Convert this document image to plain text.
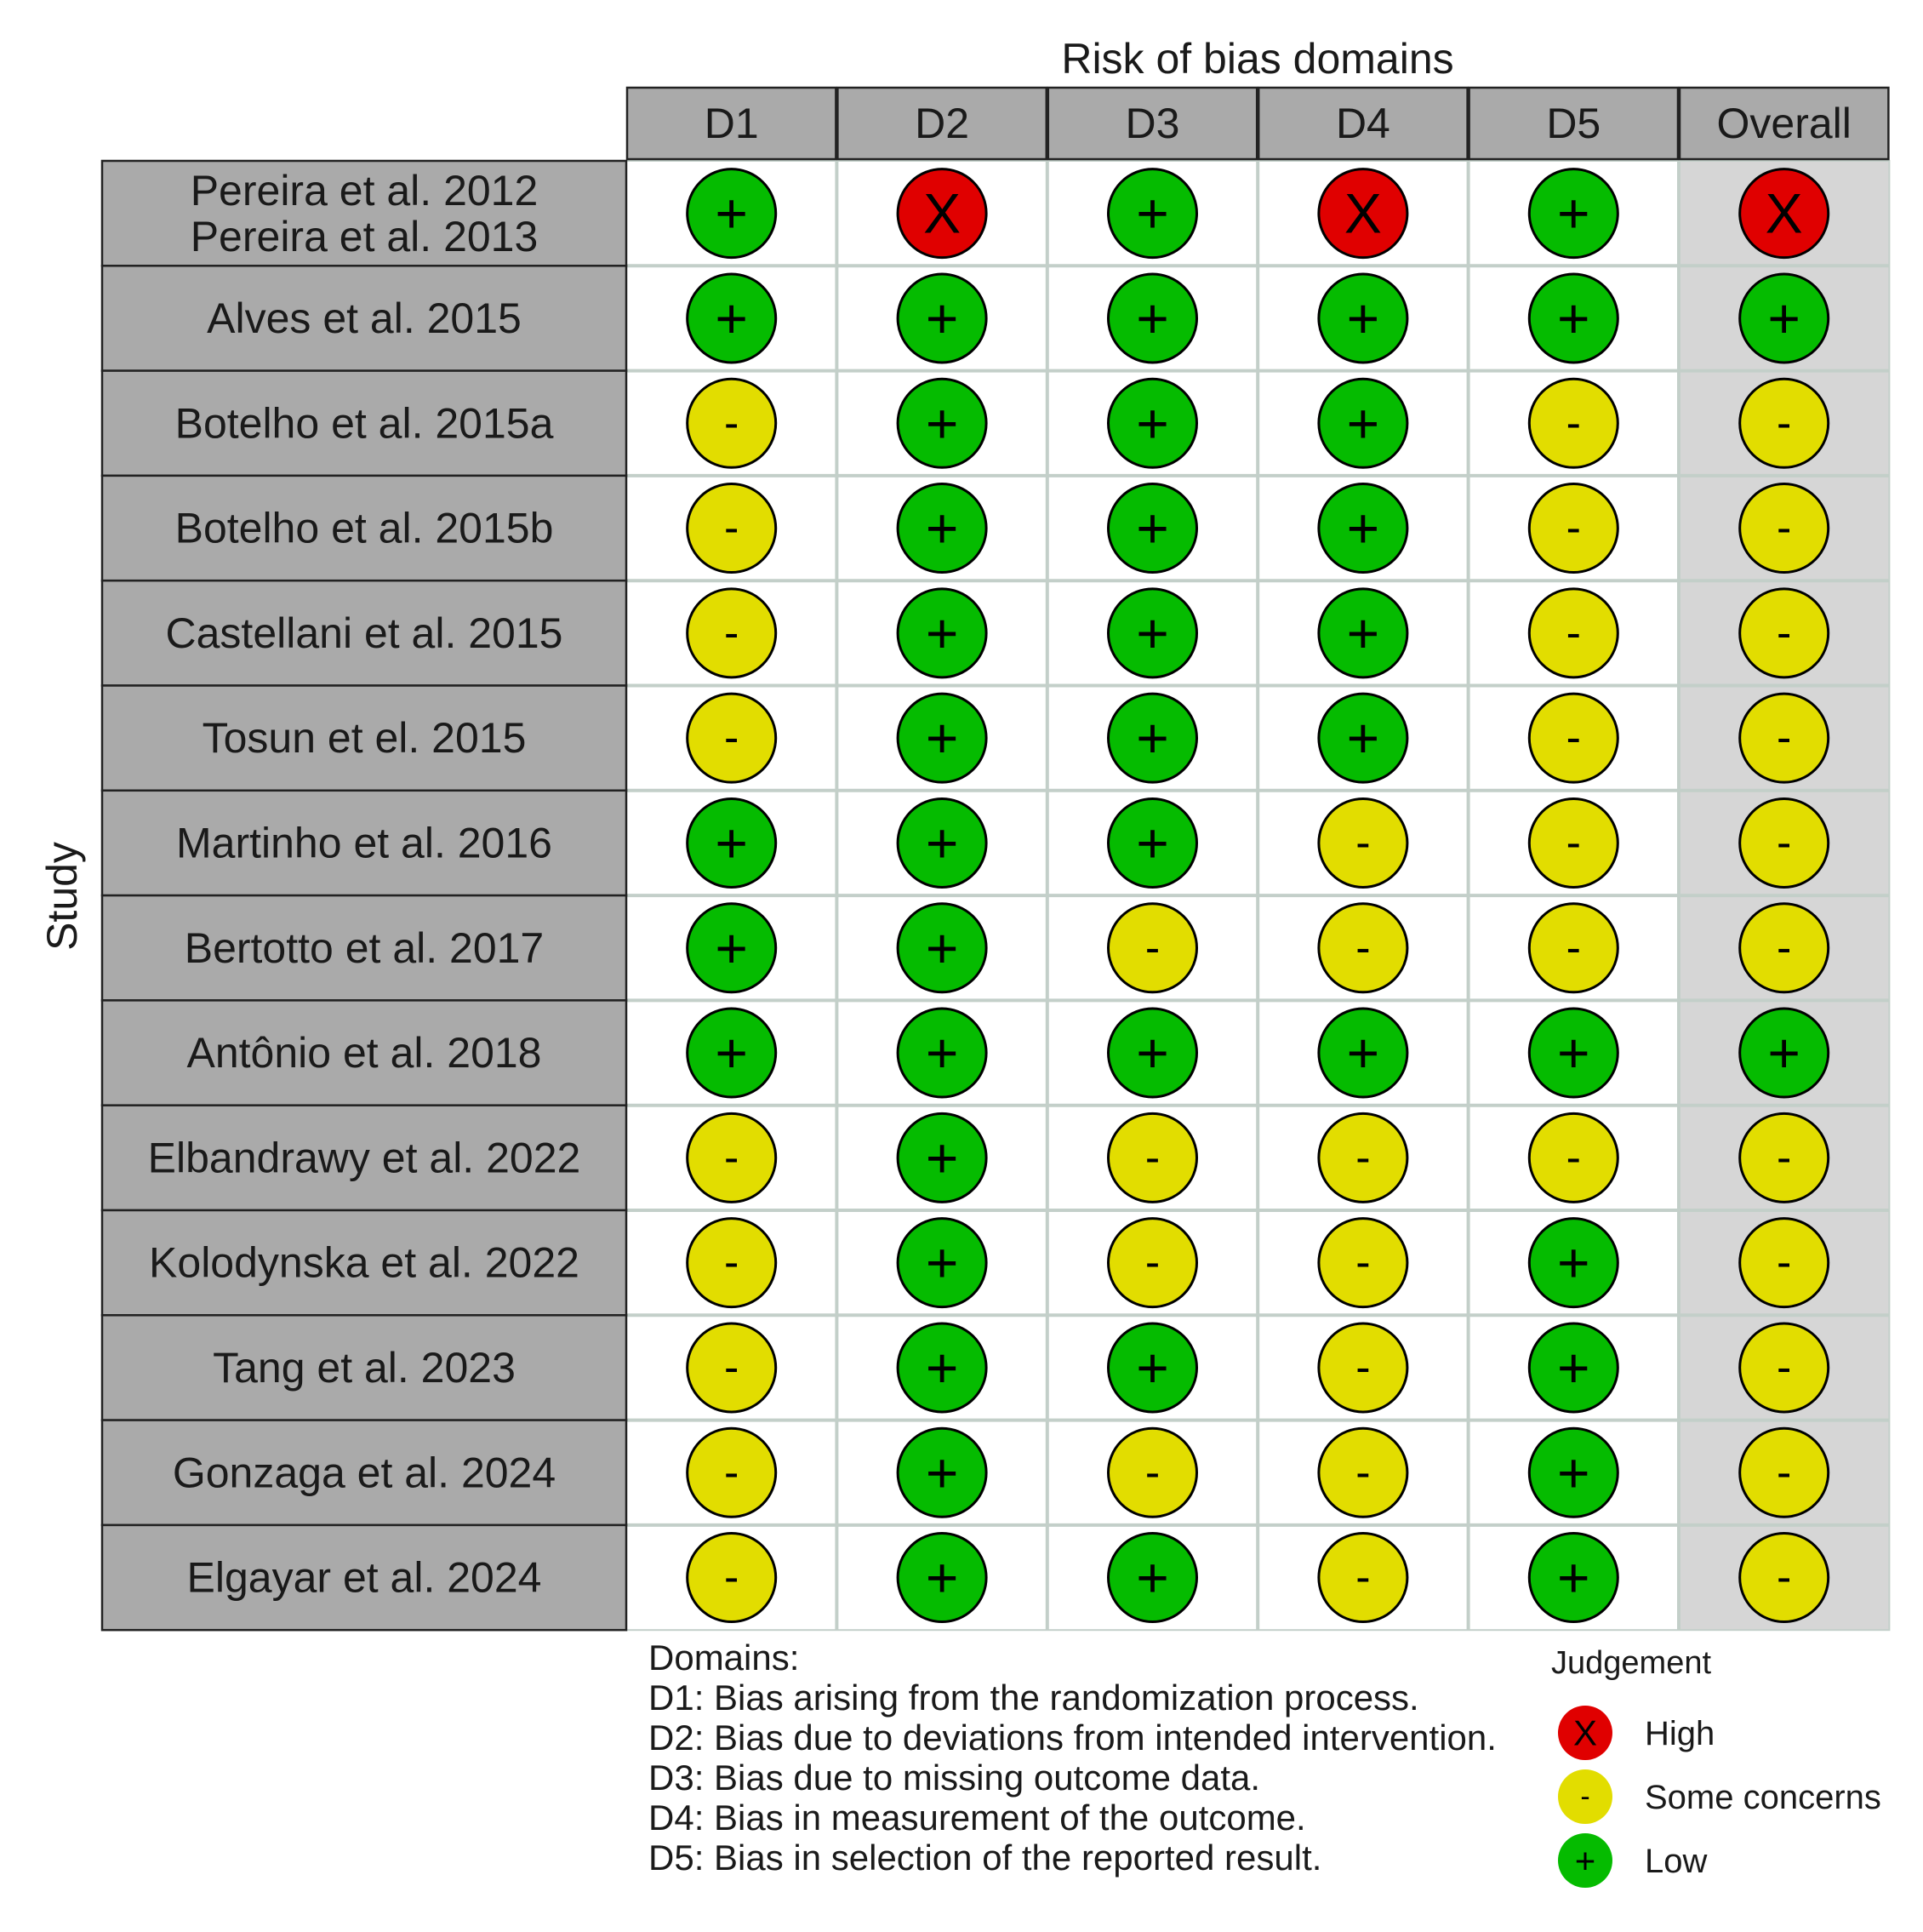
Risk of bias domains
D1	D2	D3	D4	D5	Overall
Pereira et al. 2012
Pereira et al. 2013	+	X	+	X	+	X
Alves et al. 2015	+	+	+	+	+	+
Botelho et al. 2015a	-	+	+	+	-	-
Botelho et al. 2015b	-	+	+	+	-	-
Castellani et al. 2015	-	+	+	+	-	-
Tosun et el. 2015	-	+	+	+	-	-
Martinho et al. 2016	+	+	+	-	-	-
Bertotto et al. 2017	+	+	-	-	-	-
Antônio et al. 2018	+	+	+	+	+	+
Elbandrawy et al. 2022	-	+	-	-	-	-
Kolodynska et al. 2022	-	+	-	-	+	-
Tang et al. 2023	-	+	+	-	+	-
Gonzaga et al. 2024	-	+	-	-	+	-
Elgayar et al. 2024	-	+	+	-	+	-
Study
Domains:
D1: Bias arising from the randomization process.
D2: Bias due to deviations from intended intervention.
D3: Bias due to missing outcome data.
D4: Bias in measurement of the outcome.
D5: Bias in selection of the reported result.
Judgement
X High
- Some concerns
+ Low
